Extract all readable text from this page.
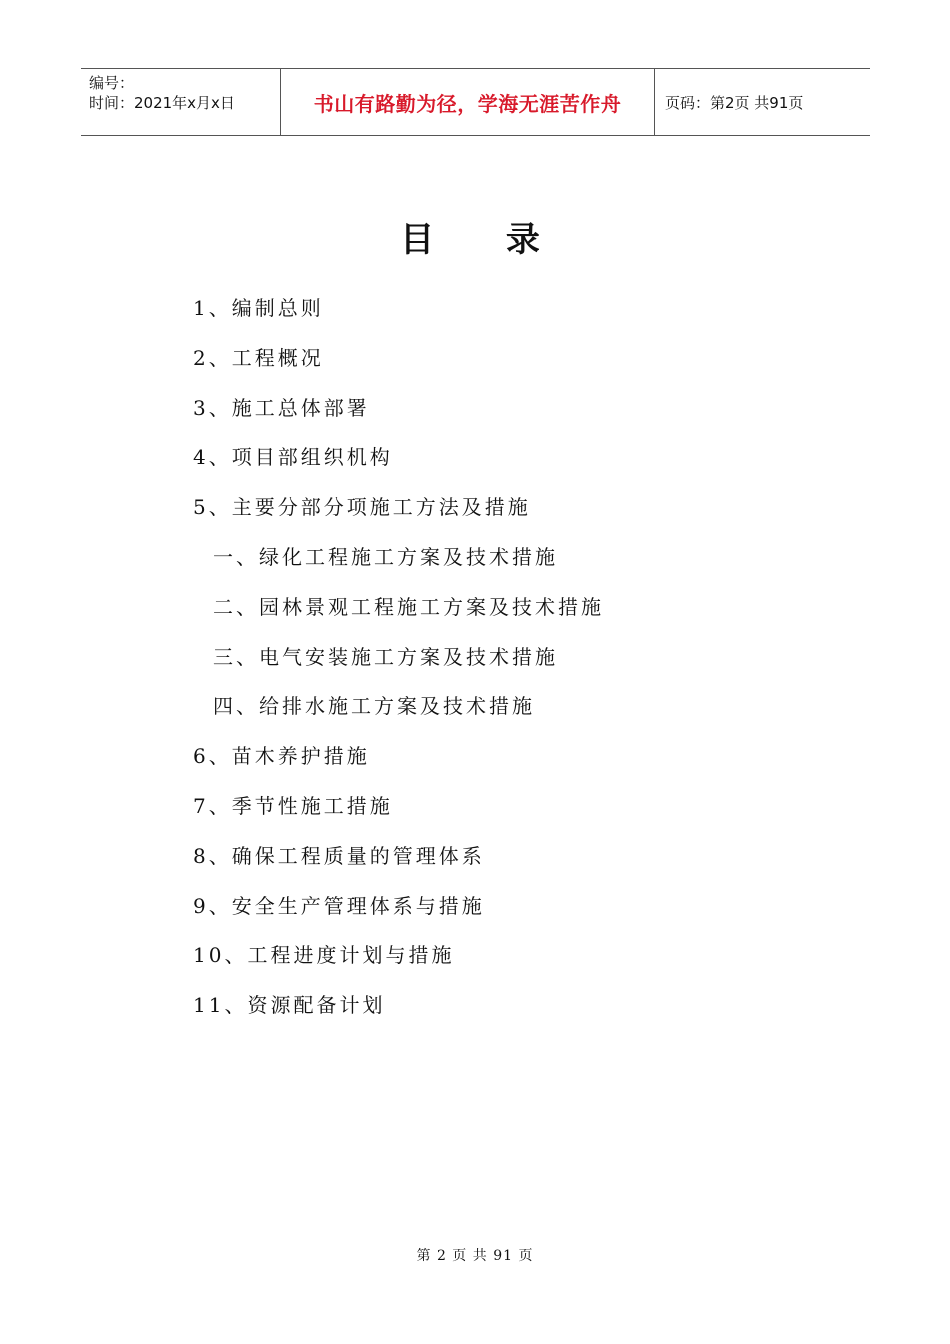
编号：
时间：2021年x月x日	书山有路勤为径，学海无涯苦作舟	页码：第2页 共91页
目 录
1、编制总则
2、工程概况
3、施工总体部署
4、项目部组织机构
5、主要分部分项施工方法及措施
一、绿化工程施工方案及技术措施
二、园林景观工程施工方案及技术措施
三、电气安装施工方案及技术措施
四、给排水施工方案及技术措施
6、苗木养护措施
7、季节性施工措施
8、确保工程质量的管理体系
9、安全生产管理体系与措施
10、工程进度计划与措施
11、资源配备计划
第 2 页 共 91 页
